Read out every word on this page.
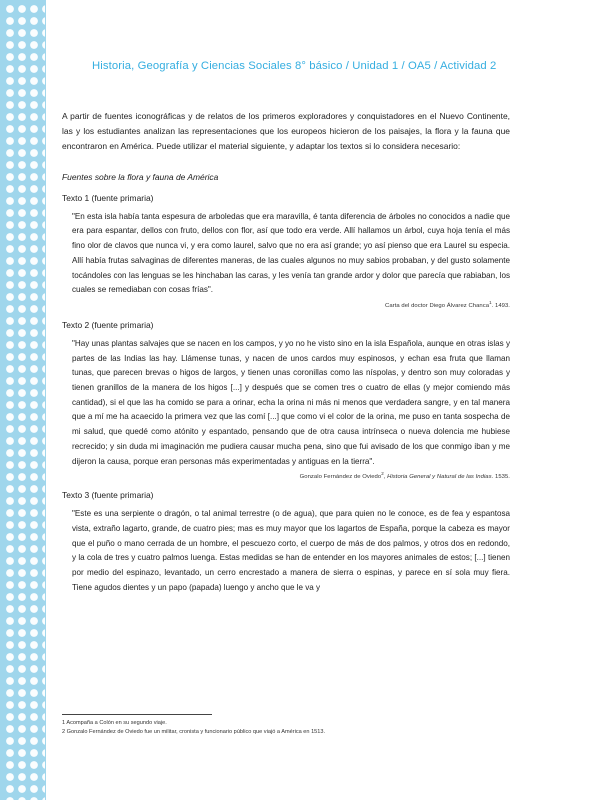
Historia, Geografía y Ciencias Sociales 8° básico / Unidad 1 / OA5 / Actividad 2

A partir de fuentes iconográficas y de relatos de los primeros exploradores y conquistadores en el Nuevo Continente, las y los estudiantes analizan las representaciones que los europeos hicieron de los paisajes, la flora y la fauna que encontraron en América. Puede utilizar el material siguiente, y adaptar los textos si lo considera necesario:

Fuentes sobre la flora y fauna de América

Texto 1 (fuente primaria)

"En esta isla había tanta espesura de arboledas que era maravilla, é tanta diferencia de árboles no conocidos a nadie que era para espantar, dellos con fruto, dellos con flor, así que todo era verde. Allí hallamos un árbol, cuya hoja tenía el más fino olor de clavos que nunca vi, y era como laurel, salvo que no era así grande; yo así pienso que era Laurel su especia. Allí había frutas salvaginas de diferentes maneras, de las cuales algunos no muy sabios probaban, y del gusto solamente tocándoles con las lenguas se les hinchaban las caras, y les venía tan grande ardor y dolor que parecía que rabiaban, los cuales se remediaban con cosas frías".

Carta del doctor Diego Álvarez Chanca$^1$. 1493.

Texto 2 (fuente primaria)

"Hay unas plantas salvajes que se nacen en los campos, y yo no he visto sino en la isla Española, aunque en otras islas y partes de las Indias las hay. Llámense tunas, y nacen de unos cardos muy espinosos, y echan esa fruta que llaman tunas, que parecen brevas o higos de largos, y tienen unas coronillas como las níspolas, y dentro son muy coloradas y tienen granillos de la manera de los higos [...] y después que se comen tres o cuatro de ellas (y mejor comiendo más cantidad), si el que las ha comido se para a orinar, echa la orina ni más ni menos que verdadera sangre, y en tal manera que a mí me ha acaecido la primera vez que las comí [...] que como vi el color de la orina, me puso en tanta sospecha de mi salud, que quedé como atónito y espantado, pensando que de otra causa intrínseca o nueva dolencia me hubiese recrecido; y sin duda mi imaginación me pudiera causar mucha pena, sino que fui avisado de los que conmigo iban y me dijeron la causa, porque eran personas más experimentadas y antiguas en la tierra".

Gonzalo Fernández de Oviedo$^2$, Historia General y Natural de las Indias. 1535.

Texto 3 (fuente primaria)

"Este es una serpiente o dragón, o tal animal terrestre (o de agua), que para quien no le conoce, es de fea y espantosa vista, extraño lagarto, grande, de cuatro pies; mas es muy mayor que los lagartos de España, porque la cabeza es mayor que el puño o mano cerrada de un hombre, el pescuezo corto, el cuerpo de más de dos palmos, y otros dos en redondo, y la cola de tres y cuatro palmos luenga. Estas medidas se han de entender en los mayores animales de estos; [...] tienen por medio del espinazo, levantado, un cerro encrestado a manera de sierra o espinas, y parece en sí sola muy fiera. Tiene agudos dientes y un papo (papada) luengo y ancho que le va y

1 Acompaña a Colón en su segundo viaje.

2 Gonzalo Fernández de Oviedo fue un militar, cronista y funcionario público que viajó a América en 1513.
